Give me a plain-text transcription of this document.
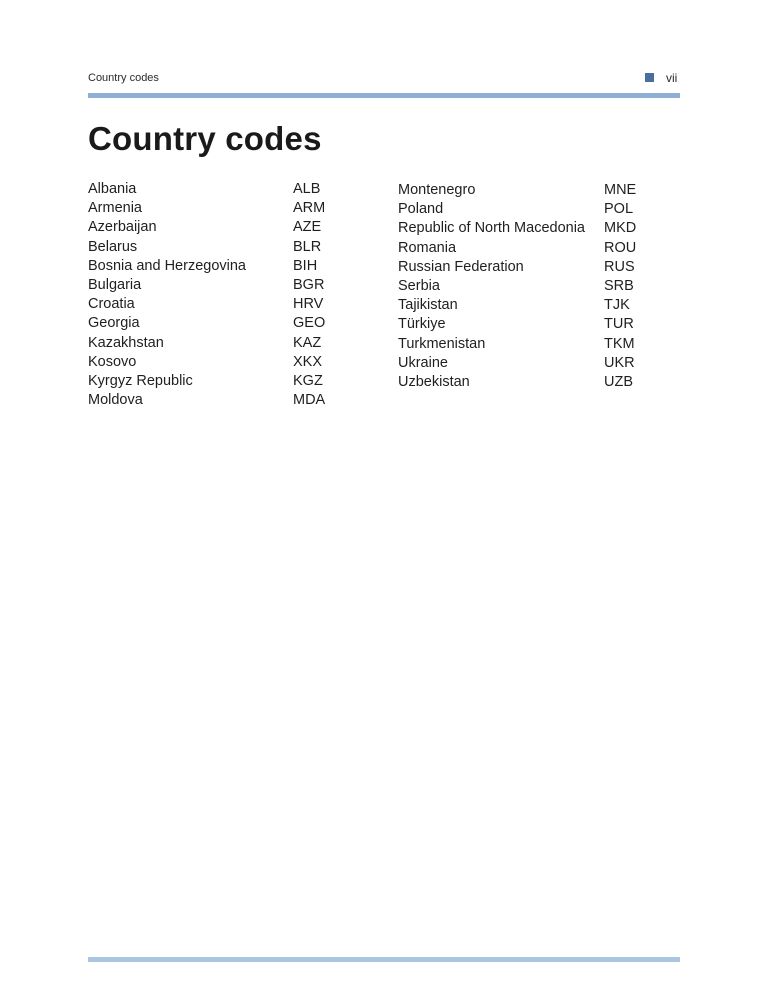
Country codes	vii
Country codes
Albania	ALB
Armenia	ARM
Azerbaijan	AZE
Belarus	BLR
Bosnia and Herzegovina	BIH
Bulgaria	BGR
Croatia	HRV
Georgia	GEO
Kazakhstan	KAZ
Kosovo	XKX
Kyrgyz Republic	KGZ
Moldova	MDA
Montenegro	MNE
Poland	POL
Republic of North Macedonia MKD
Romania	ROU
Russian Federation	RUS
Serbia	SRB
Tajikistan	TJK
Türkiye	TUR
Turkmenistan	TKM
Ukraine	UKR
Uzbekistan	UZB
